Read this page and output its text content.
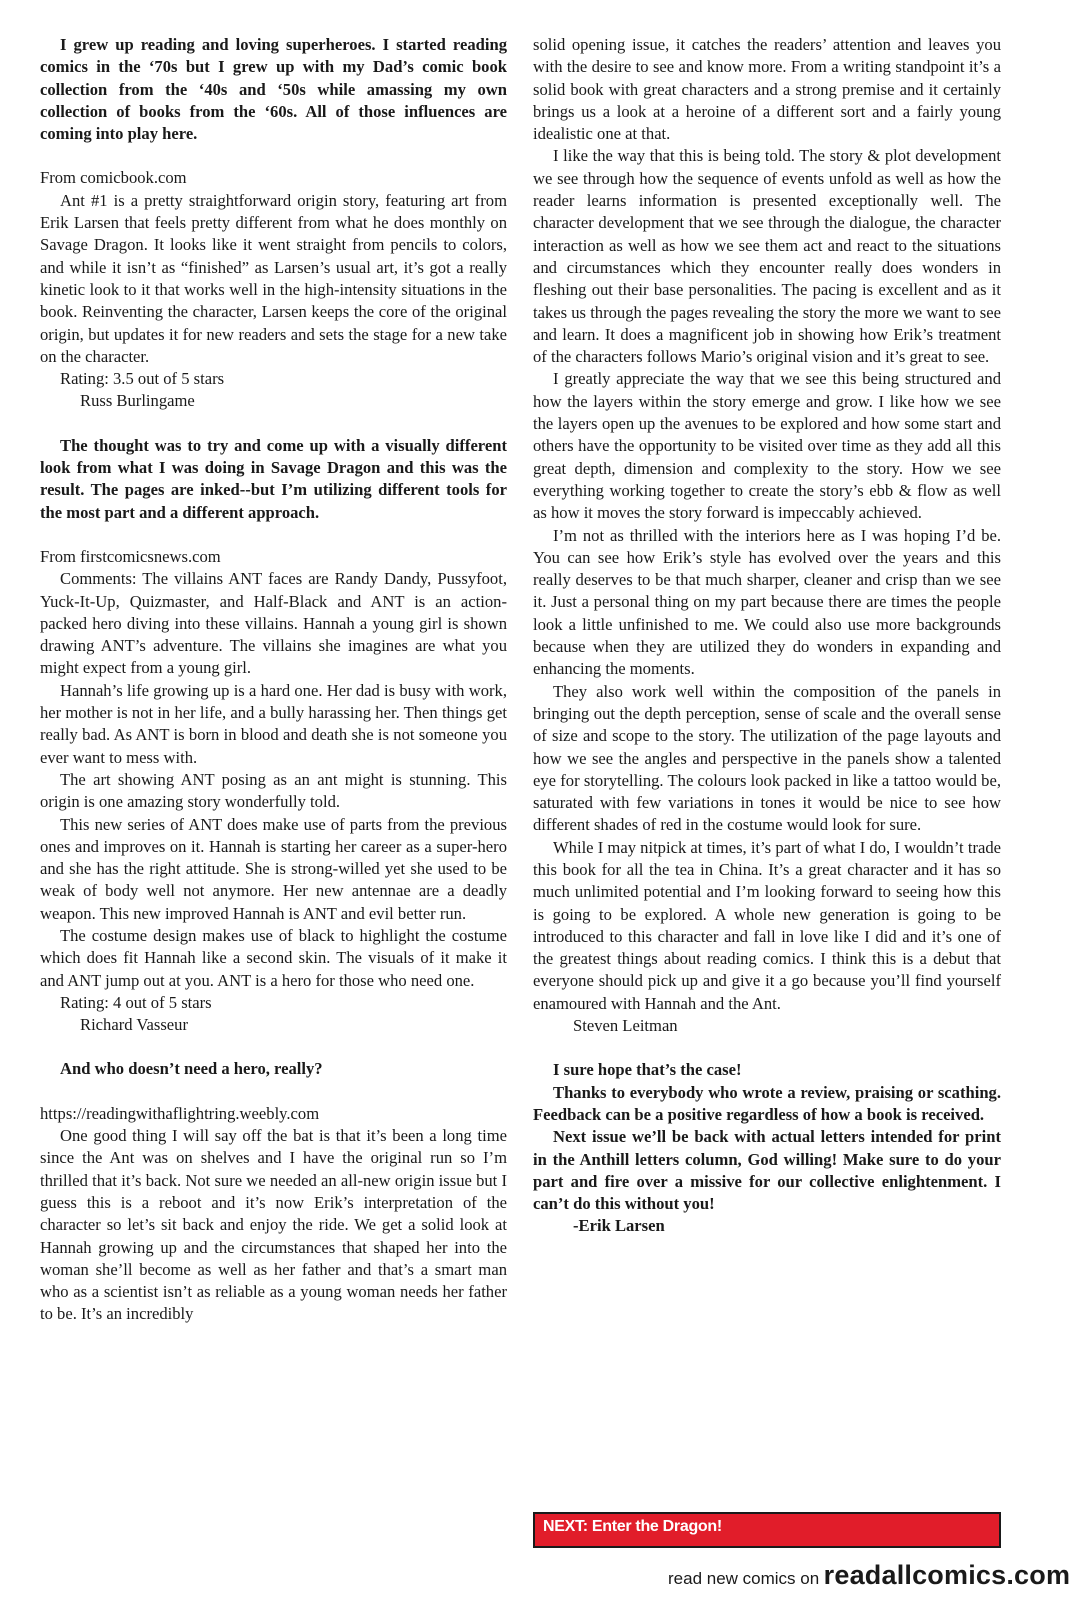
I grew up reading and loving superheroes. I started reading comics in the ‘70s but I grew up with my Dad’s comic book collection from the ‘40s and ‘50s while amassing my own collection of books from the ‘60s. All of those influences are coming into play here.

From comicbook.com

Ant #1 is a pretty straightforward origin story, featuring art from Erik Larsen that feels pretty different from what he does monthly on Savage Dragon. It looks like it went straight from pencils to colors, and while it isn’t as “finished” as Larsen’s usual art, it’s got a really kinetic look to it that works well in the high-intensity situations in the book. Reinventing the character, Larsen keeps the core of the original origin, but updates it for new readers and sets the stage for a new take on the character.

Rating: 3.5 out of 5 stars

Russ Burlingame

The thought was to try and come up with a visually different look from what I was doing in Savage Dragon and this was the result. The pages are inked--but I’m utilizing different tools for the most part and a different approach.

From firstcomicsnews.com

Comments: The villains ANT faces are Randy Dandy, Pussyfoot, Yuck-It-Up, Quizmaster, and Half-Black and ANT is an action-packed hero diving into these villains. Hannah a young girl is shown drawing ANT’s adventure. The villains she imagines are what you might expect from a young girl.

Hannah’s life growing up is a hard one. Her dad is busy with work, her mother is not in her life, and a bully harassing her. Then things get really bad. As ANT is born in blood and death she is not someone you ever want to mess with.

The art showing ANT posing as an ant might is stunning. This origin is one amazing story wonderfully told.

This new series of ANT does make use of parts from the previous ones and improves on it. Hannah is starting her career as a super-hero and she has the right attitude. She is strong-willed yet she used to be weak of body well not anymore. Her new antennae are a deadly weapon. This new improved Hannah is ANT and evil better run.

The costume design makes use of black to highlight the costume which does fit Hannah like a second skin. The visuals of it make it and ANT jump out at you. ANT is a hero for those who need one.

Rating: 4 out of 5 stars

Richard Vasseur

And who doesn’t need a hero, really?

https://readingwithaflightring.weebly.com

One good thing I will say off the bat is that it’s been a long time since the Ant was on shelves and I have the original run so I’m thrilled that it’s back. Not sure we needed an all-new origin issue but I guess this is a reboot and it’s now Erik’s interpretation of the character so let’s sit back and enjoy the ride. We get a solid look at Hannah growing up and the circumstances that shaped her into the woman she’ll become as well as her father and that’s a smart man who as a scientist isn’t as reliable as a young woman needs her father to be. It’s an incredibly

solid opening issue, it catches the readers’ attention and leaves you with the desire to see and know more. From a writing standpoint it’s a solid book with great characters and a strong premise and it certainly brings us a look at a heroine of a different sort and a fairly young idealistic one at that.

I like the way that this is being told. The story & plot development we see through how the sequence of events unfold as well as how the reader learns information is presented exceptionally well. The character development that we see through the dialogue, the character interaction as well as how we see them act and react to the situations and circumstances which they encounter really does wonders in fleshing out their base personalities. The pacing is excellent and as it takes us through the pages revealing the story the more we want to see and learn. It does a magnificent job in showing how Erik’s treatment of the characters follows Mario’s original vision and it’s great to see.

I greatly appreciate the way that we see this being structured and how the layers within the story emerge and grow. I like how we see the layers open up the avenues to be explored and how some start and others have the opportunity to be visited over time as they add all this great depth, dimension and complexity to the story. How we see everything working together to create the story’s ebb & flow as well as how it moves the story forward is impeccably achieved.

I’m not as thrilled with the interiors here as I was hoping I’d be. You can see how Erik’s style has evolved over the years and this really deserves to be that much sharper, cleaner and crisp than we see it. Just a personal thing on my part because there are times the people look a little unfinished to me. We could also use more backgrounds because when they are utilized they do wonders in expanding and enhancing the moments.

They also work well within the composition of the panels in bringing out the depth perception, sense of scale and the overall sense of size and scope to the story. The utilization of the page layouts and how we see the angles and perspective in the panels show a talented eye for storytelling. The colours look packed in like a tattoo would be, saturated with few variations in tones it would be nice to see how different shades of red in the costume would look for sure.

While I may nitpick at times, it’s part of what I do, I wouldn’t trade this book for all the tea in China. It’s a great character and it has so much unlimited potential and I’m looking forward to seeing how this is going to be explored. A whole new generation is going to be introduced to this character and fall in love like I did and it’s one of the greatest things about reading comics. I think this is a debut that everyone should pick up and give it a go because you’ll find yourself enamoured with Hannah and the Ant.

Steven Leitman

I sure hope that’s the case!

Thanks to everybody who wrote a review, praising or scathing. Feedback can be a positive regardless of how a book is received.

Next issue we’ll be back with actual letters intended for print in the Anthill letters column, God willing! Make sure to do your part and fire over a missive for our collective enlightenment. I can’t do this without you!

-Erik Larsen

NEXT: Enter the Dragon!
read new comics on readallcomics.com
